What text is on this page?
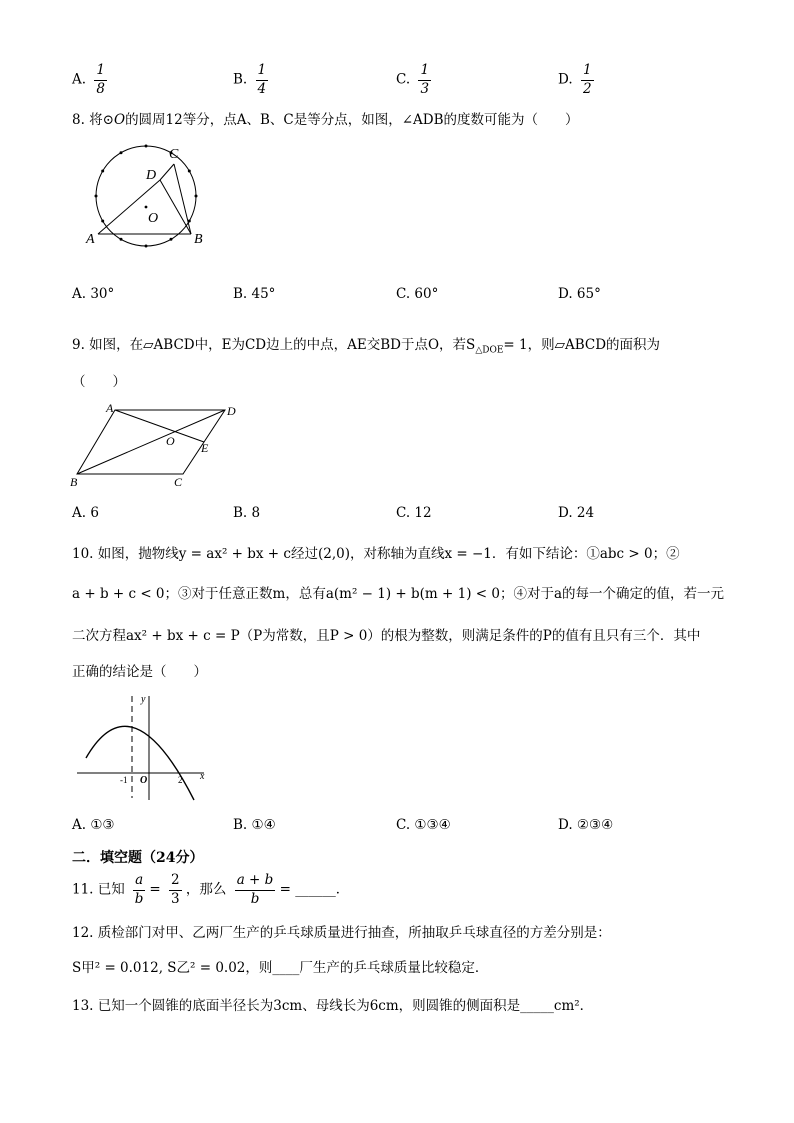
A. $\frac{1}{8}$	B. $\frac{1}{4}$	C. $\frac{1}{3}$	D. $\frac{1}{2}$
8. 将⊙O的圆周12等分，点A、B、C是等分点，如图，∠ADB的度数可能为（　　）
A	B
C
D
O
A. 30°	B. 45°	C. 60°	D. 65°
9. 如图，在▱ABCD中，E为CD边上的中点，AE交BD于点O，若$S_{\triangle DOE}= 1$，则▱ABCD的面积为
（　　）
A
B	C
D
E
O
A. 6	B. 8	C. 12	D. 24
10. 如图，抛物线y = ax² + bx + c经过(2,0)，对称轴为直线x = −1．有如下结论：①abc > 0；②
a + b + c < 0；③对于任意正数m，总有a(m² − 1) + b(m + 1) < 0；④对于a的每一个确定的值，若一元
二次方程ax² + bx + c = P（P为常数，且P > 0）的根为整数，则满足条件的P的值有且只有三个．其中
正确的结论是（　　）
y
x
O
-1	2
A. ①③	B. ①④	C. ①③④	D. ②③④
二．填空题（24分）
11. 已知 $\frac{a}{b} = \frac{2}{3}$ ，那么 $\frac{a + b}{b}$ = ______．
12. 质检部门对甲、乙两厂生产的乒乓球质量进行抽查，所抽取乒乓球直径的方差分别是：
S甲² = 0.012, S乙² = 0.02，则____厂生产的乒乓球质量比较稳定．
13. 已知一个圆锥的底面半径长为3cm、母线长为6cm，则圆锥的侧面积是_____cm²．
